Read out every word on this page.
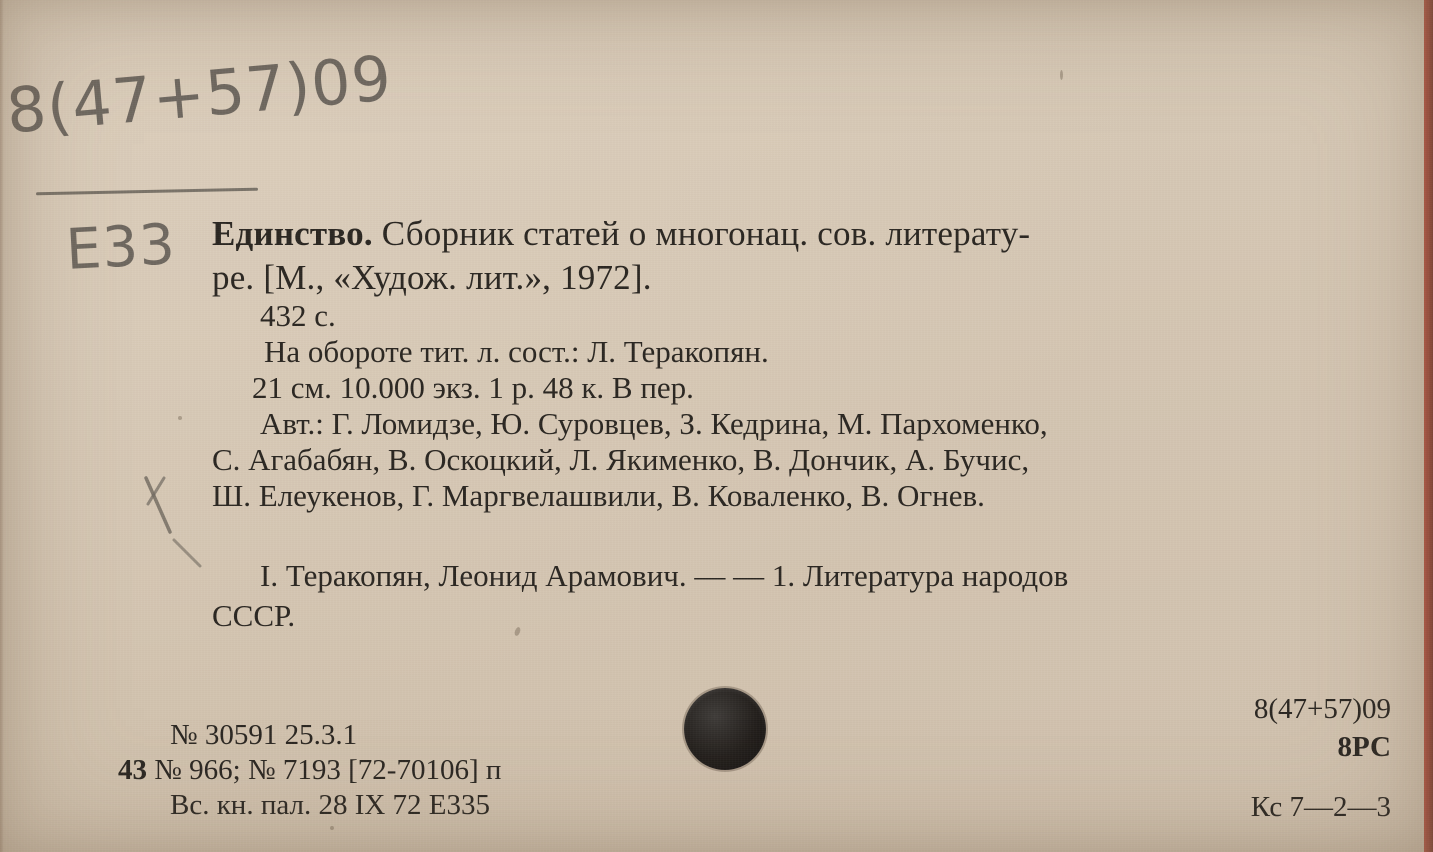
8(47+57)09
E33 Единство. Сборник статей о многонац. сов. литерату-
ре. [М., «Худож. лит.», 1972].
432 с.
На обороте тит. л. сост.: Л. Теракопян.
21 см. 10.000 экз. 1 р. 48 к. В пер.
Авт.: Г. Ломидзе, Ю. Суровцев, З. Кедрина, М. Пархоменко,
С. Агабабян, В. Оскоцкий, Л. Якименко, В. Дончик, А. Бучис,
Ш. Елеукенов, Г. Маргвелашвили, В. Коваленко, В. Огнев.
I. Теракопян, Леонид Арамович. — — 1. Литература народов
СССР.
№ 30591 25.3.1
43 № 966; № 7193 [72-70106] п
Вс. кн. пал. 28 IX 72 Е335
8(47+57)09
8РС
Кс 7—2—3
